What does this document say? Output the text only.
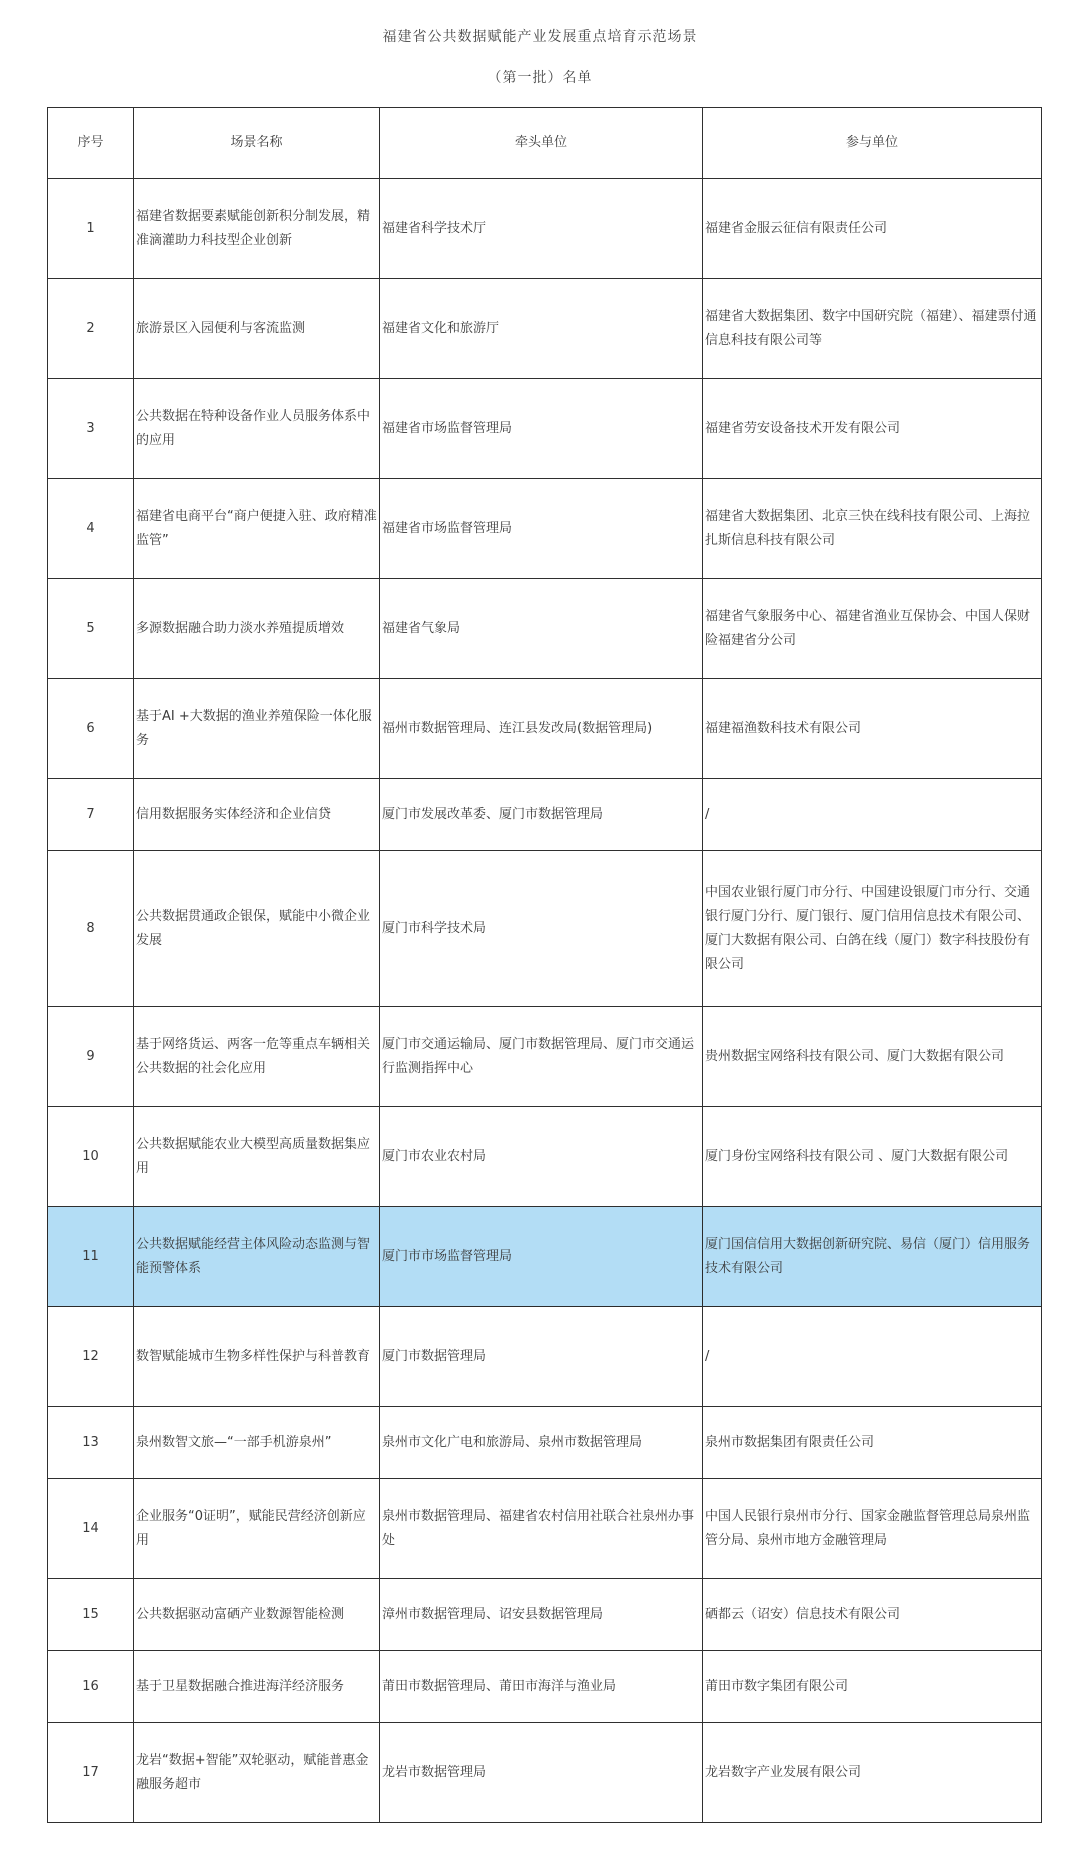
福建省公共数据赋能产业发展重点培育示范场景
（第一批）名单
序号	场景名称	牵头单位	参与单位
1	福建省数据要素赋能创新积分制发展，精准滴灌助力科技型企业创新	福建省科学技术厅	福建省金服云征信有限责任公司
2	旅游景区入园便利与客流监测	福建省文化和旅游厅	福建省大数据集团、数字中国研究院（福建）、福建票付通信息科技有限公司等
3	公共数据在特种设备作业人员服务体系中的应用	福建省市场监督管理局	福建省劳安设备技术开发有限公司
4	福建省电商平台“商户便捷入驻、政府精准监管”	福建省市场监督管理局	福建省大数据集团、北京三快在线科技有限公司、上海拉扎斯信息科技有限公司
5	多源数据融合助力淡水养殖提质增效	福建省气象局	福建省气象服务中心、福建省渔业互保协会、中国人保财险福建省分公司
6	基于AI +大数据的渔业养殖保险一体化服务	福州市数据管理局、连江县发改局(数据管理局)	福建福渔数科技术有限公司
7	信用数据服务实体经济和企业信贷	厦门市发展改革委、厦门市数据管理局	/
8	公共数据贯通政企银保，赋能中小微企业发展	厦门市科学技术局	中国农业银行厦门市分行、中国建设银厦门市分行、交通银行厦门分行、厦门银行、厦门信用信息技术有限公司、厦门大数据有限公司、白鸽在线（厦门）数字科技股份有限公司
9	基于网络货运、两客一危等重点车辆相关公共数据的社会化应用	厦门市交通运输局、厦门市数据管理局、厦门市交通运行监测指挥中心	贵州数据宝网络科技有限公司、厦门大数据有限公司
10	公共数据赋能农业大模型高质量数据集应用	厦门市农业农村局	厦门身份宝网络科技有限公司 、厦门大数据有限公司
11	公共数据赋能经营主体风险动态监测与智能预警体系	厦门市市场监督管理局	厦门国信信用大数据创新研究院、易信（厦门）信用服务技术有限公司
12	数智赋能城市生物多样性保护与科普教育	厦门市数据管理局	/
13	泉州数智文旅—“一部手机游泉州”	泉州市文化广电和旅游局、泉州市数据管理局	泉州市数据集团有限责任公司
14	企业服务“0证明”，赋能民营经济创新应用	泉州市数据管理局、福建省农村信用社联合社泉州办事处	中国人民银行泉州市分行、国家金融监督管理总局泉州监管分局、泉州市地方金融管理局
15	公共数据驱动富硒产业数源智能检测	漳州市数据管理局、诏安县数据管理局	硒都云（诏安）信息技术有限公司
16	基于卫星数据融合推进海洋经济服务	莆田市数据管理局、莆田市海洋与渔业局	莆田市数字集团有限公司
17	龙岩“数据+智能”双轮驱动，赋能普惠金融服务超市	龙岩市数据管理局	龙岩数字产业发展有限公司
